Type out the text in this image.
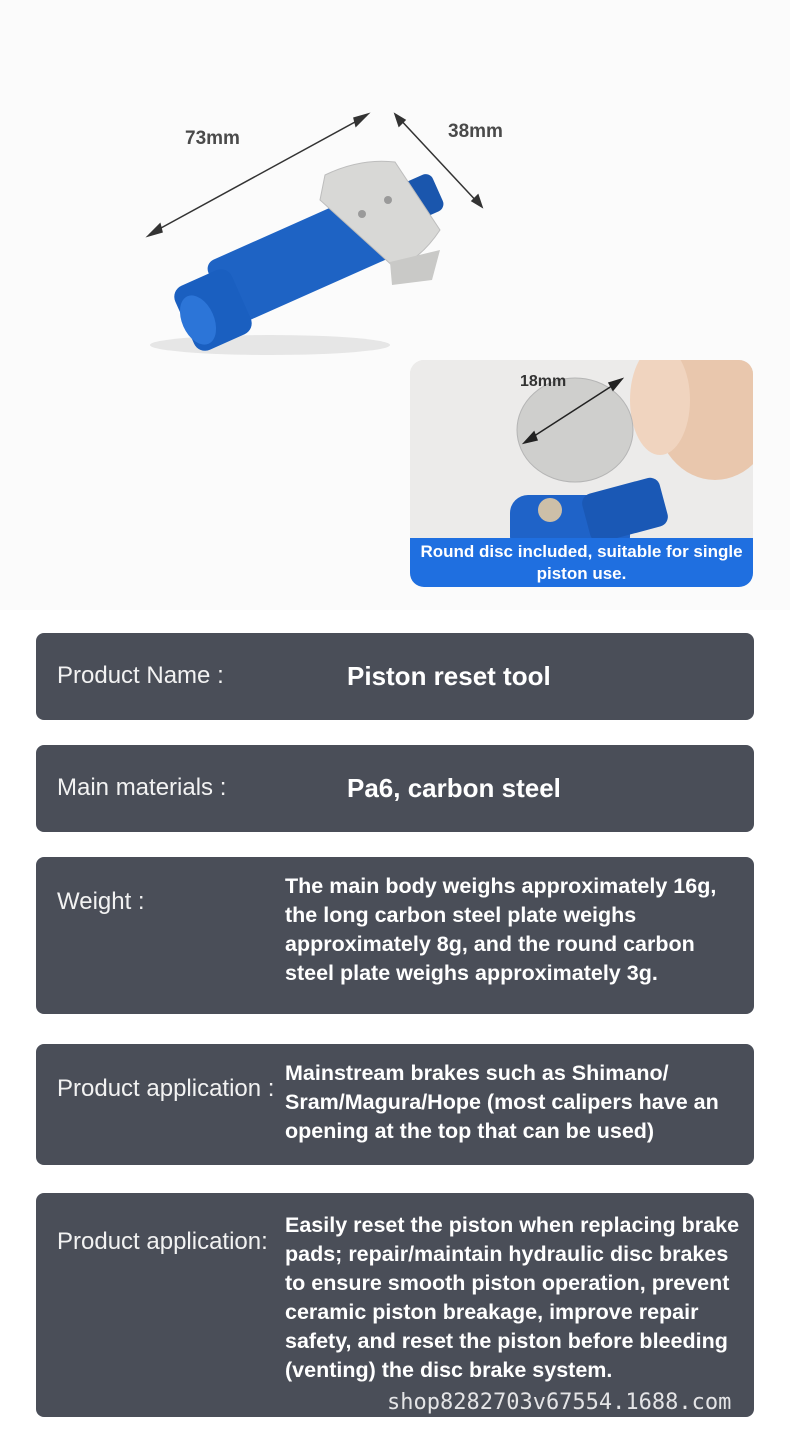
73mm	38mm
Round disc included, suitable for single piston use.
18mm
Product Name :	Piston reset tool
Main materials :	Pa6, carbon steel
Weight :
The main body weighs approximately 16g, the long carbon steel plate weighs approximately 8g, and the round carbon steel plate weighs approximately 3g.
Product application :
Mainstream brakes such as Shimano/ Sram/Magura/Hope (most calipers have an opening at the top that can be used)
Product application:
Easily reset the piston when replacing brake pads; repair/maintain hydraulic disc brakes to ensure smooth piston operation, prevent ceramic piston breakage, improve repair safety, and reset the piston before bleeding (venting) the disc brake system.
shop8282703v67554.1688.com
